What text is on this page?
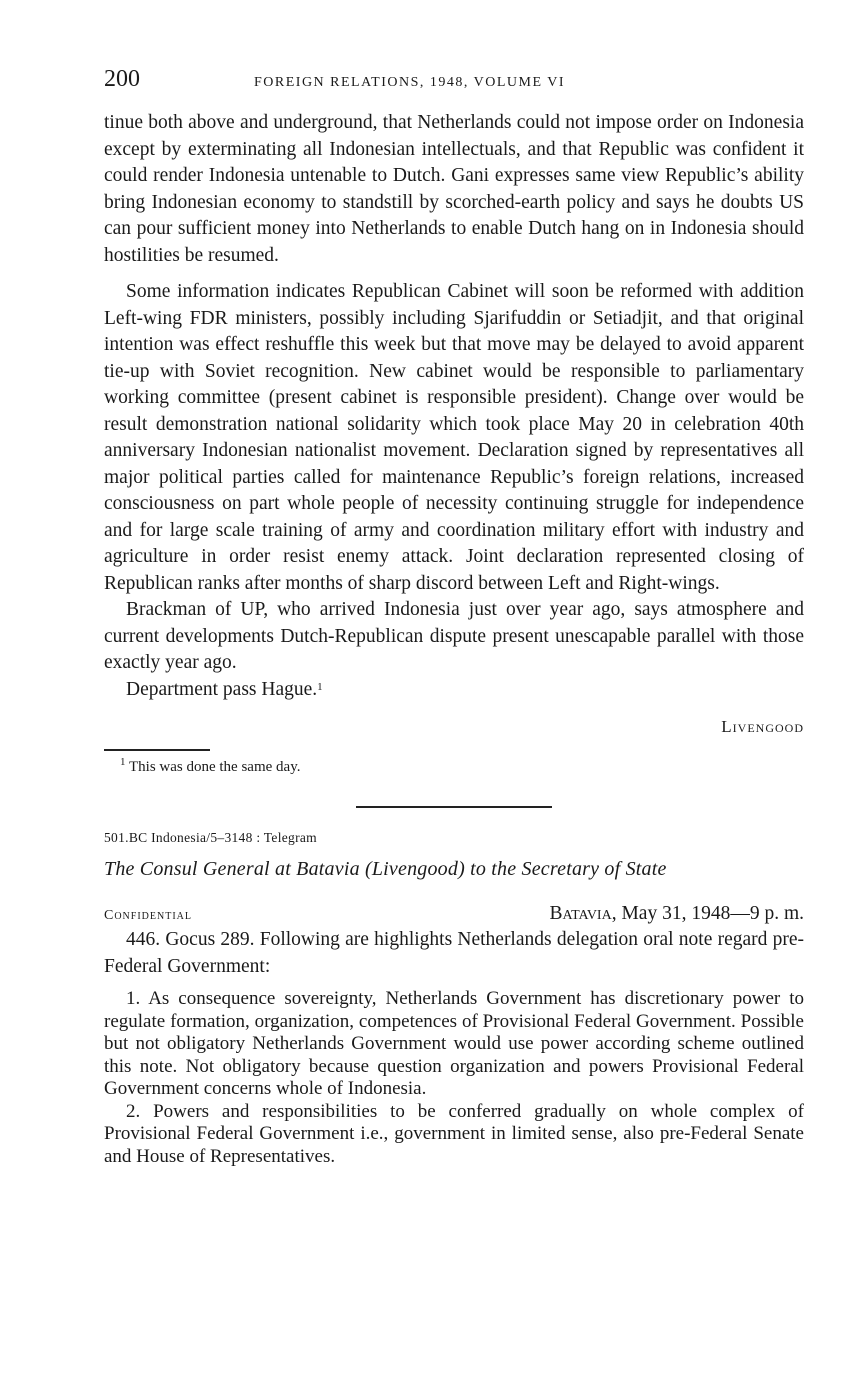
200	FOREIGN RELATIONS, 1948, VOLUME VI

tinue both above and underground, that Netherlands could not impose order on Indonesia except by exterminating all Indonesian intellectuals, and that Republic was confident it could render Indonesia untenable to Dutch. Gani expresses same view Republic’s ability bring Indonesian economy to standstill by scorched-earth policy and says he doubts US can pour sufficient money into Netherlands to enable Dutch hang on in Indonesia should hostilities be resumed.

Some information indicates Republican Cabinet will soon be reformed with addition Left-wing FDR ministers, possibly including Sjarifuddin or Setiadjit, and that original intention was effect reshuffle this week but that move may be delayed to avoid apparent tie-up with Soviet recognition. New cabinet would be responsible to parliamentary working committee (present cabinet is responsible president). Change over would be result demonstration national solidarity which took place May 20 in celebration 40th anniversary Indonesian nationalist movement. Declaration signed by representatives all major political parties called for maintenance Republic’s foreign relations, increased consciousness on part whole people of necessity continuing struggle for independence and for large scale training of army and coordination military effort with industry and agriculture in order resist enemy attack. Joint declaration represented closing of Republican ranks after months of sharp discord between Left and Right-wings.

Brackman of UP, who arrived Indonesia just over year ago, says atmosphere and current developments Dutch-Republican dispute present unescapable parallel with those exactly year ago.

Department pass Hague.$^1$

Livengood
$^1$ This was done the same day.
501.BC Indonesia/5–3148 : Telegram
The Consul General at Batavia (Livengood) to the Secretary of State
Confidential	Batavia, May 31, 1948—9 p. m.

446. Gocus 289. Following are highlights Netherlands delegation oral note regard pre-Federal Government:

1. As consequence sovereignty, Netherlands Government has discretionary power to regulate formation, organization, competences of Provisional Federal Government. Possible but not obligatory Netherlands Government would use power according scheme outlined this note. Not obligatory because question organization and powers Provisional Federal Government concerns whole of Indonesia.

2. Powers and responsibilities to be conferred gradually on whole complex of Provisional Federal Government i.e., government in limited sense, also pre-Federal Senate and House of Representatives.
